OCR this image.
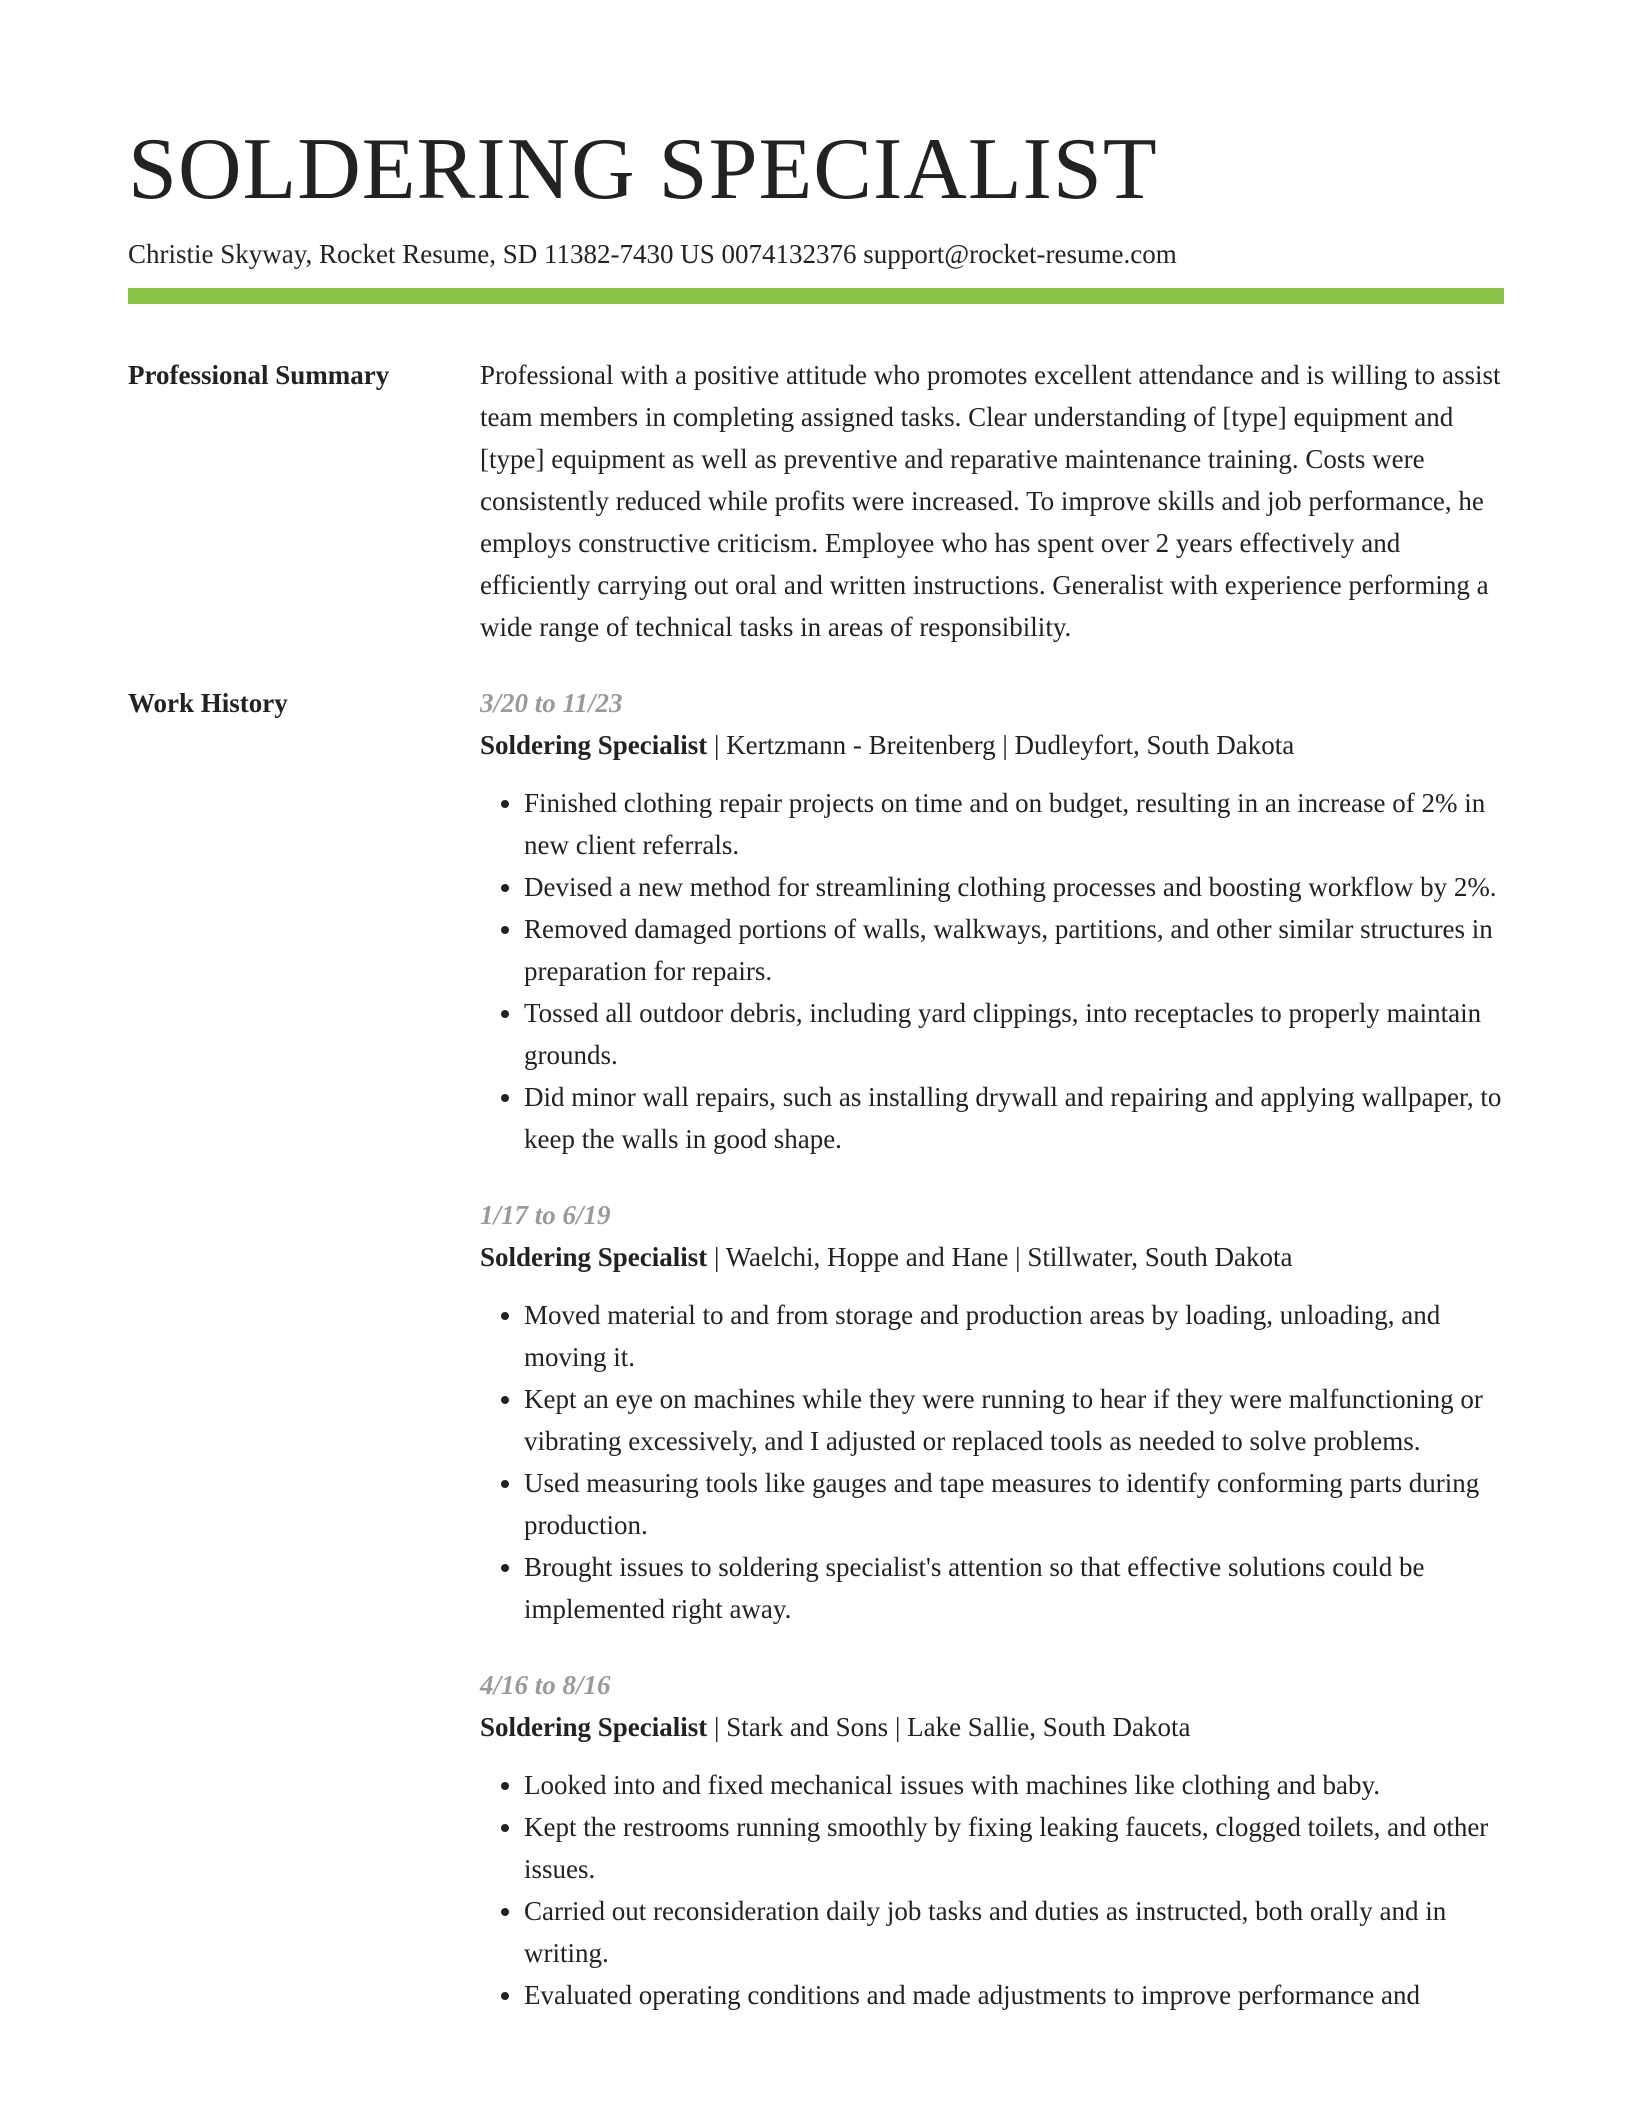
SOLDERING SPECIALIST
Christie Skyway, Rocket Resume, SD 11382-7430 US 0074132376 support@rocket-resume.com
Professional Summary	Professional with a positive attitude who promotes excellent attendance and is willing to assist team members in completing assigned tasks. Clear understanding of [type] equipment and [type] equipment as well as preventive and reparative maintenance training. Costs were consistently reduced while profits were increased. To improve skills and job performance, he employs constructive criticism. Employee who has spent over 2 years effectively and efficiently carrying out oral and written instructions. Generalist with experience performing a wide range of technical tasks in areas of responsibility.
Work History	3/20 to 11/23
Soldering Specialist | Kertzmann - Breitenberg | Dudleyfort, South Dakota
• Finished clothing repair projects on time and on budget, resulting in an increase of 2% in new client referrals.
• Devised a new method for streamlining clothing processes and boosting workflow by 2%.
• Removed damaged portions of walls, walkways, partitions, and other similar structures in preparation for repairs.
• Tossed all outdoor debris, including yard clippings, into receptacles to properly maintain grounds.
• Did minor wall repairs, such as installing drywall and repairing and applying wallpaper, to keep the walls in good shape.
1/17 to 6/19
Soldering Specialist | Waelchi, Hoppe and Hane | Stillwater, South Dakota
• Moved material to and from storage and production areas by loading, unloading, and moving it.
• Kept an eye on machines while they were running to hear if they were malfunctioning or vibrating excessively, and I adjusted or replaced tools as needed to solve problems.
• Used measuring tools like gauges and tape measures to identify conforming parts during production.
• Brought issues to soldering specialist's attention so that effective solutions could be implemented right away.
4/16 to 8/16
Soldering Specialist | Stark and Sons | Lake Sallie, South Dakota
• Looked into and fixed mechanical issues with machines like clothing and baby.
• Kept the restrooms running smoothly by fixing leaking faucets, clogged toilets, and other issues.
• Carried out reconsideration daily job tasks and duties as instructed, both orally and in writing.
• Evaluated operating conditions and made adjustments to improve performance and
